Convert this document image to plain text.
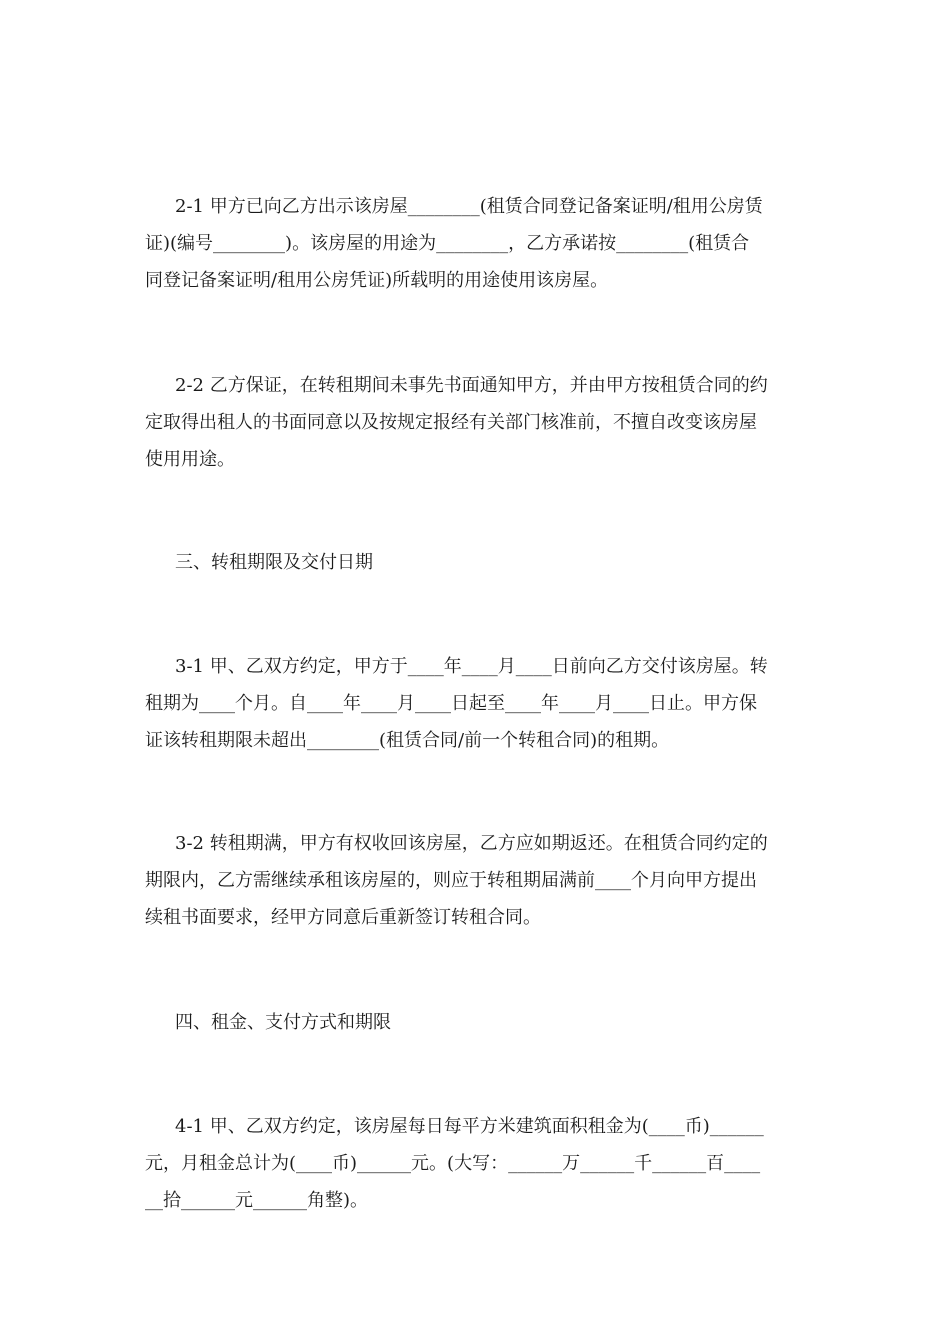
2-1 甲方已向乙方出示该房屋________(租赁合同登记备案证明/租用公房赁
证)(编号________)。该房屋的用途为________，乙方承诺按________(租赁合
同登记备案证明/租用公房凭证)所载明的用途使用该房屋。
2-2 乙方保证，在转租期间未事先书面通知甲方，并由甲方按租赁合同的约
定取得出租人的书面同意以及按规定报经有关部门核准前，不擅自改变该房屋
使用用途。
三、转租期限及交付日期
3-1 甲、乙双方约定，甲方于____年____月____日前向乙方交付该房屋。转
租期为____个月。自____年____月____日起至____年____月____日止。甲方保
证该转租期限未超出________(租赁合同/前一个转租合同)的租期。
3-2 转租期满，甲方有权收回该房屋，乙方应如期返还。在租赁合同约定的
期限内，乙方需继续承租该房屋的，则应于转租期届满前____个月向甲方提出
续租书面要求，经甲方同意后重新签订转租合同。
四、租金、支付方式和期限
4-1 甲、乙双方约定，该房屋每日每平方米建筑面积租金为(____币)______
元，月租金总计为(____币)______元。(大写：______万______千______百____
__拾______元______角整)。
